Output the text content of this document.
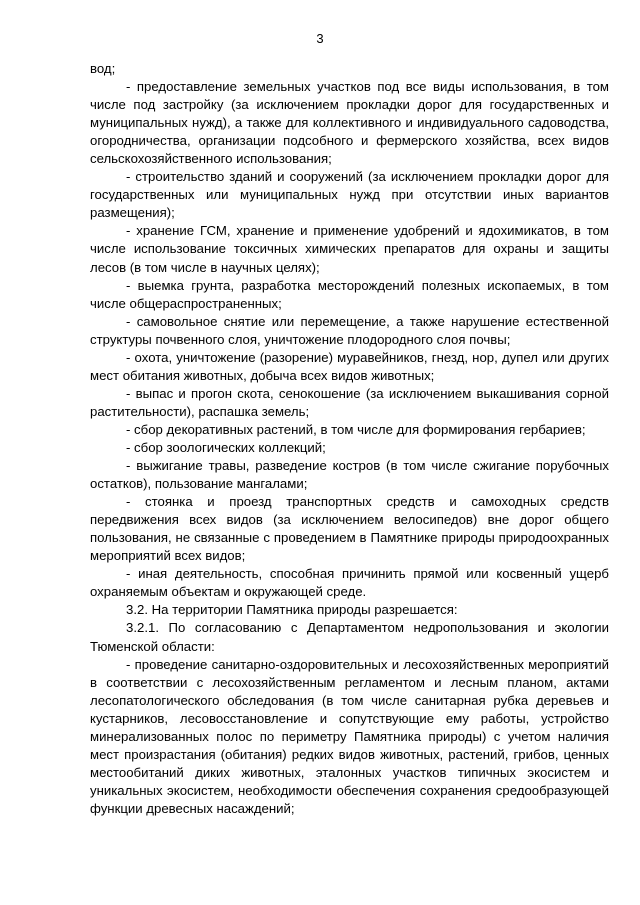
3

вод;

- предоставление земельных участков под все виды использования, в том числе под застройку (за исключением прокладки дорог для государственных и муниципальных нужд), а также для коллективного и индивидуального садоводства, огородничества, организации подсобного и фермерского хозяйства, всех видов сельскохозяйственного использования;

- строительство зданий и сооружений (за исключением прокладки дорог для государственных или муниципальных нужд при отсутствии иных вариантов размещения);

- хранение ГСМ, хранение и применение удобрений и ядохимикатов, в том числе использование токсичных химических препаратов для охраны и защиты лесов (в том числе в научных целях);

- выемка грунта, разработка месторождений полезных ископаемых, в том числе общераспространенных;

- самовольное снятие или перемещение, а также нарушение естественной структуры почвенного слоя, уничтожение плодородного слоя почвы;

- охота, уничтожение (разорение) муравейников, гнезд, нор, дупел или других мест обитания животных, добыча всех видов животных;

- выпас и прогон скота, сенокошение (за исключением выкашивания сорной растительности), распашка земель;

- сбор декоративных растений, в том числе для формирования гербариев;

- сбор зоологических коллекций;

- выжигание травы, разведение костров (в том числе сжигание порубочных остатков), пользование мангалами;

- стоянка и проезд транспортных средств и самоходных средств передвижения всех видов (за исключением велосипедов) вне дорог общего пользования, не связанные с проведением в Памятнике природы природоохранных мероприятий всех видов;

- иная деятельность, способная причинить прямой или косвенный ущерб охраняемым объектам и окружающей среде.

3.2. На территории Памятника природы разрешается:

3.2.1. По согласованию с Департаментом недропользования и экологии Тюменской области:

- проведение санитарно-оздоровительных и лесохозяйственных мероприятий в соответствии с лесохозяйственным регламентом и лесным планом, актами лесопатологического обследования (в том числе санитарная рубка деревьев и кустарников, лесовосстановление и сопутствующие ему работы, устройство минерализованных полос по периметру Памятника природы) с учетом наличия мест произрастания (обитания) редких видов животных, растений, грибов, ценных местообитаний диких животных, эталонных участков типичных экосистем и уникальных экосистем, необходимости обеспечения сохранения средообразующей функции древесных насаждений;
